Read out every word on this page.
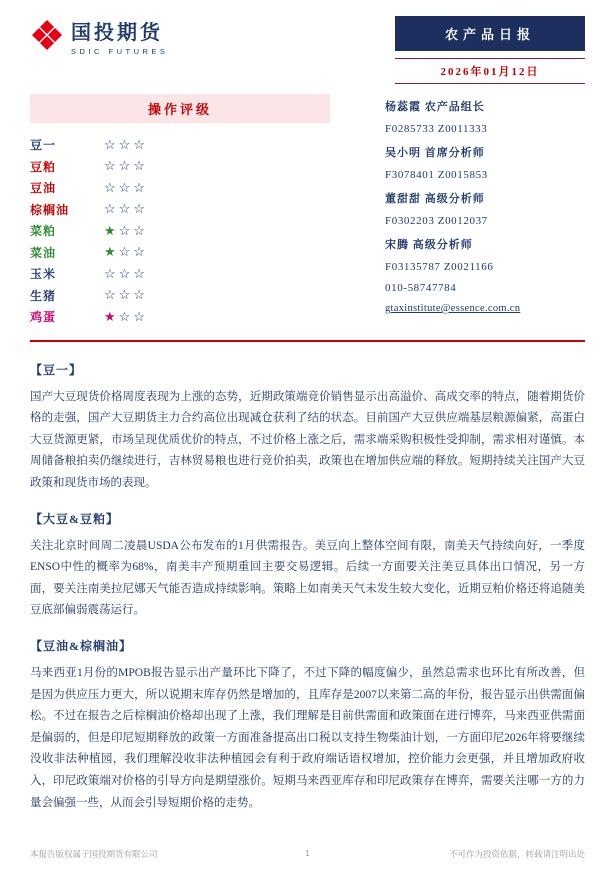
国投期货
SDIC FUTURES
农产品日报
2026年01月12日
操作评级
豆一	☆☆☆
豆粕	☆☆☆
豆油	☆☆☆
棕榈油	☆☆☆
菜粕	★☆☆
菜油	★☆☆
玉米	☆☆☆
生猪	☆☆☆
鸡蛋	★☆☆
杨蕊霞 农产品组长
F0285733 Z0011333
吴小明 首席分析师
F3078401 Z0015853
董甜甜 高级分析师
F0302203 Z0012037
宋腾 高级分析师
F03135787 Z0021166
010-58747784
gtaxinstitute@essence.com.cn
【豆一】
国产大豆现货价格周度表现为上涨的态势，近期政策端竞价销售显示出高溢价、高成交率的特点，随着期货价格的走强，国产大豆期货主力合约高位出现减仓获利了结的状态。目前国产大豆供应端基层粮源偏紧，高蛋白大豆货源更紧，市场呈现优质优价的特点，不过价格上涨之后，需求端采购积极性受抑制，需求相对谨慎。本周储备粮拍卖仍继续进行，吉林贸易粮也进行竞价拍卖，政策也在增加供应端的释放。短期持续关注国产大豆政策和现货市场的表现。
【大豆&豆粕】
关注北京时间周二凌晨USDA公布发布的1月供需报告。美豆向上整体空间有限，南美天气持续向好，一季度ENSO中性的概率为68%，南美丰产预期重回主要交易逻辑。后续一方面要关注美豆具体出口情况，另一方面，要关注南美拉尼娜天气能否造成持续影响。策略上如南美天气未发生较大变化，近期豆粕价格还将追随美豆底部偏弱震荡运行。
【豆油&棕榈油】
马来西亚1月份的MPOB报告显示出产量环比下降了，不过下降的幅度偏少，虽然总需求也环比有所改善，但是因为供应压力更大，所以说期末库存仍然是增加的，且库存是2007以来第二高的年份，报告显示出供需面偏松。不过在报告之后棕榈油价格却出现了上涨，我们理解是目前供需面和政策面在进行博弈，马来西亚供需面是偏弱的，但是印尼短期释放的政策一方面准备提高出口税以支持生物柴油计划，一方面印尼2026年将要继续没收非法种植园，我们理解没收非法种植园会有利于政府端话语权增加，控价能力会更强，并且增加政府收入，印尼政策端对价格的引导方向是期望涨价。短期马来西亚库存和印尼政策存在博弈，需要关注哪一方的力量会偏强一些，从而会引导短期价格的走势。
本报告版权属于国投期货有限公司	1	不可作为投资依据，转载请注明出处
